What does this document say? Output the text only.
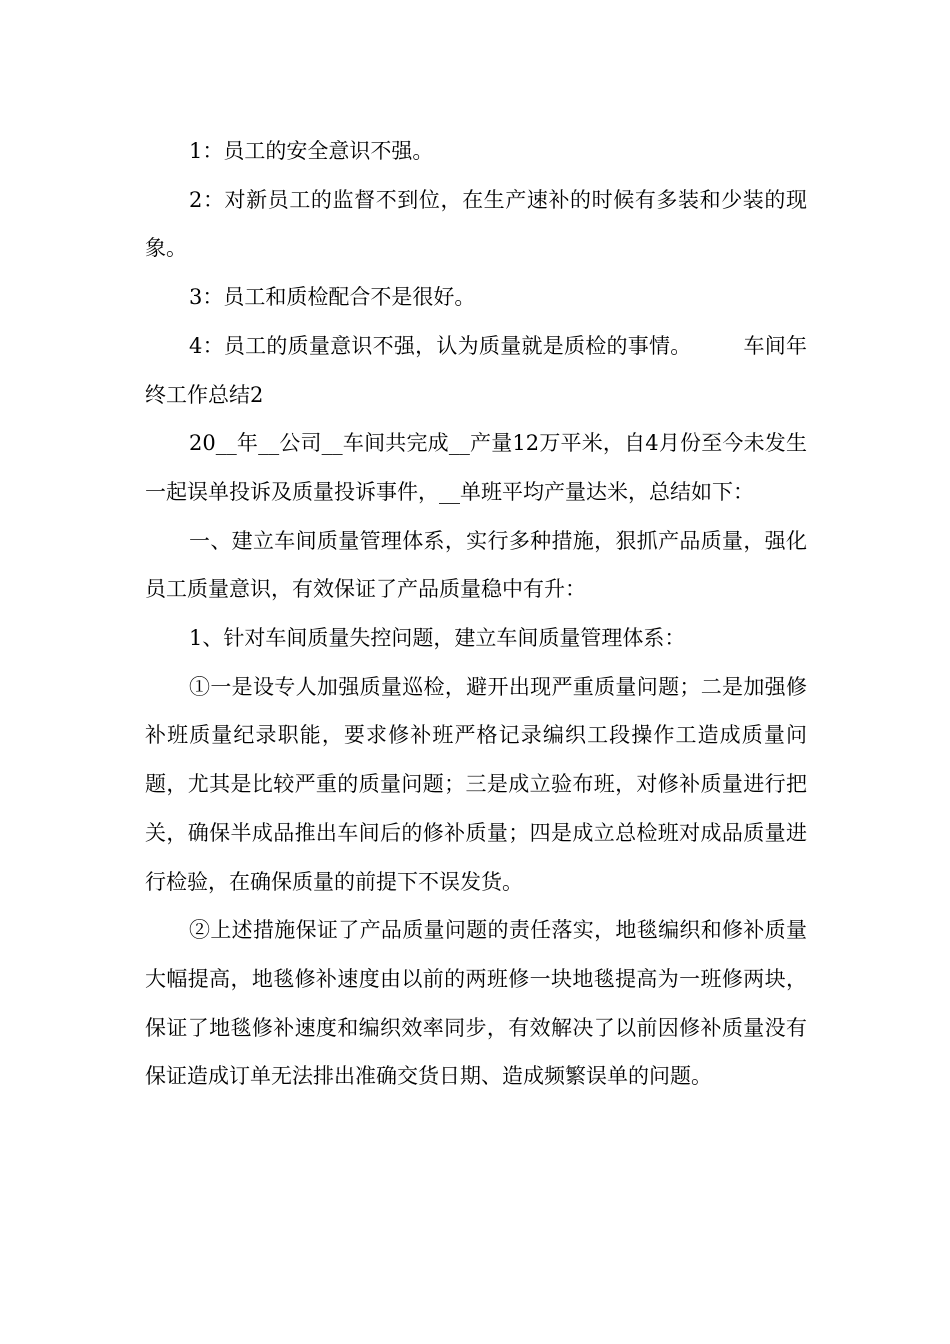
1：员工的安全意识不强。

2：对新员工的监督不到位，在生产速补的时候有多装和少装的现象。

3：员工和质检配合不是很好。

4：员工的质量意识不强，认为质量就是质检的事情。 车间年终工作总结2

20__年__公司__车间共完成__产量12万平米，自4月份至今未发生一起误单投诉及质量投诉事件，__单班平均产量达米，总结如下：

一、建立车间质量管理体系，实行多种措施，狠抓产品质量，强化员工质量意识，有效保证了产品质量稳中有升：

1、针对车间质量失控问题，建立车间质量管理体系：

①一是设专人加强质量巡检，避开出现严重质量问题；二是加强修补班质量纪录职能，要求修补班严格记录编织工段操作工造成质量问题，尤其是比较严重的质量问题；三是成立验布班，对修补质量进行把关，确保半成品推出车间后的修补质量；四是成立总检班对成品质量进行检验，在确保质量的前提下不误发货。

②上述措施保证了产品质量问题的责任落实，地毯编织和修补质量大幅提高，地毯修补速度由以前的两班修一块地毯提高为一班修两块，保证了地毯修补速度和编织效率同步，有效解决了以前因修补质量没有保证造成订单无法排出准确交货日期、造成频繁误单的问题。
